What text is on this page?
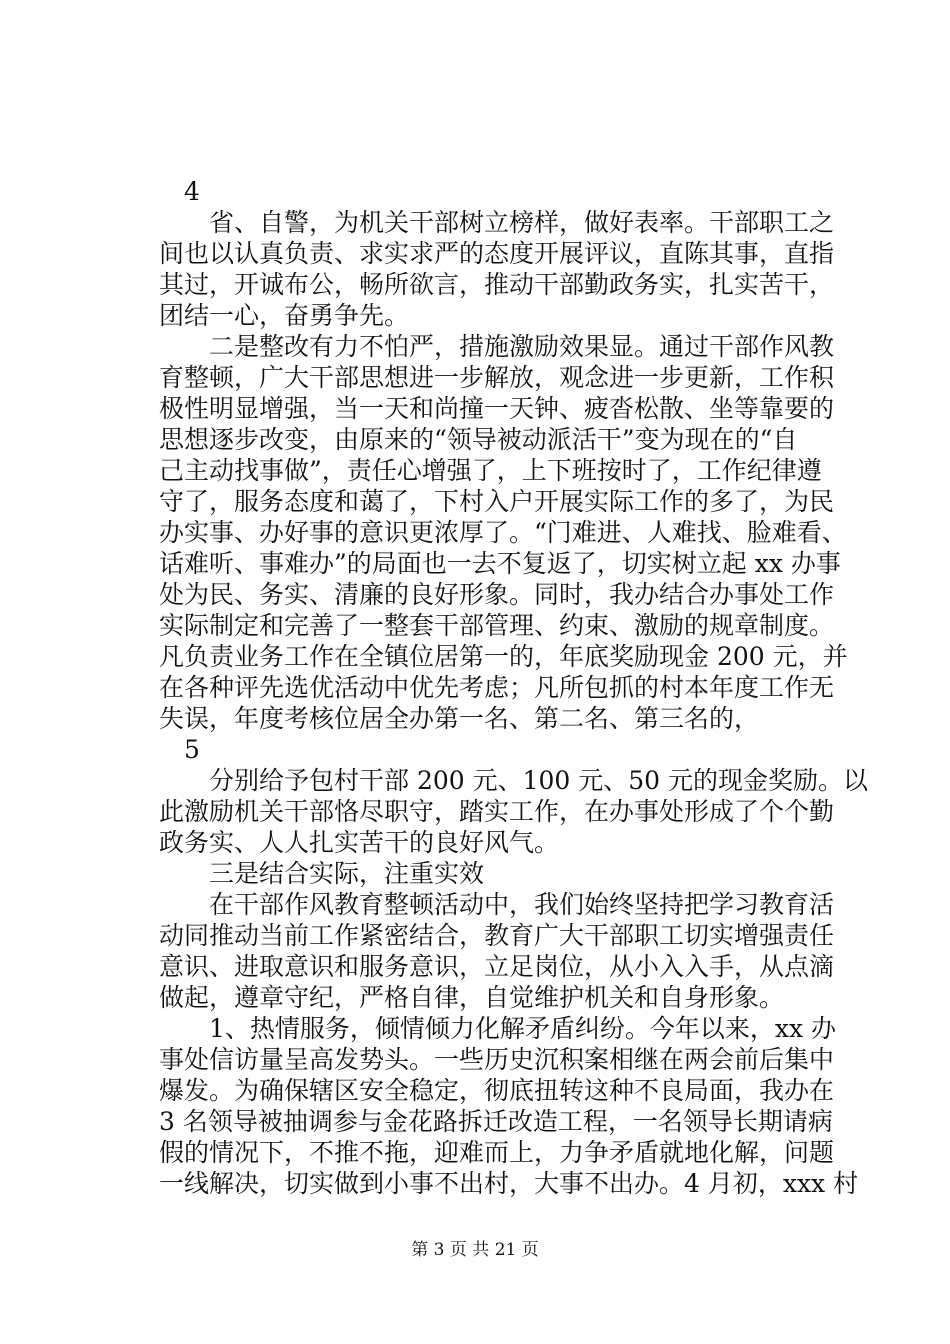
　4

　　省、自警，为机关干部树立榜样，做好表率。干部职工之

间也以认真负责、求实求严的态度开展评议，直陈其事，直指

其过，开诚布公，畅所欲言，推动干部勤政务实，扎实苦干，

团结一心，奋勇争先。

　　二是整改有力不怕严，措施激励效果显。通过干部作风教

育整顿，广大干部思想进一步解放，观念进一步更新，工作积

极性明显增强，当一天和尚撞一天钟、疲沓松散、坐等靠要的

思想逐步改变，由原来的“领导被动派活干”变为现在的“自

己主动找事做”，责任心增强了，上下班按时了，工作纪律遵

守了，服务态度和蔼了，下村入户开展实际工作的多了，为民

办实事、办好事的意识更浓厚了。“门难进、人难找、脸难看、

话难听、事难办”的局面也一去不复返了，切实树立起 xx 办事

处为民、务实、清廉的良好形象。同时，我办结合办事处工作

实际制定和完善了一整套干部管理、约束、激励的规章制度。

凡负责业务工作在全镇位居第一的，年底奖励现金 200 元，并

在各种评先选优活动中优先考虑；凡所包抓的村本年度工作无

失误，年度考核位居全办第一名、第二名、第三名的，

　5

　　分别给予包村干部 200 元、100 元、50 元的现金奖励。以

此激励机关干部恪尽职守，踏实工作，在办事处形成了个个勤

政务实、人人扎实苦干的良好风气。

　　三是结合实际，注重实效

　　在干部作风教育整顿活动中，我们始终坚持把学习教育活

动同推动当前工作紧密结合，教育广大干部职工切实增强责任

意识、进取意识和服务意识，立足岗位，从小入入手，从点滴

做起，遵章守纪，严格自律，自觉维护机关和自身形象。

　　1、热情服务，倾情倾力化解矛盾纠纷。今年以来，xx 办

事处信访量呈高发势头。一些历史沉积案相继在两会前后集中

爆发。为确保辖区安全稳定，彻底扭转这种不良局面，我办在

3 名领导被抽调参与金花路拆迁改造工程，一名领导长期请病

假的情况下，不推不拖，迎难而上，力争矛盾就地化解，问题

一线解决，切实做到小事不出村，大事不出办。4 月初，xxx 村

第 3 页 共 21 页
